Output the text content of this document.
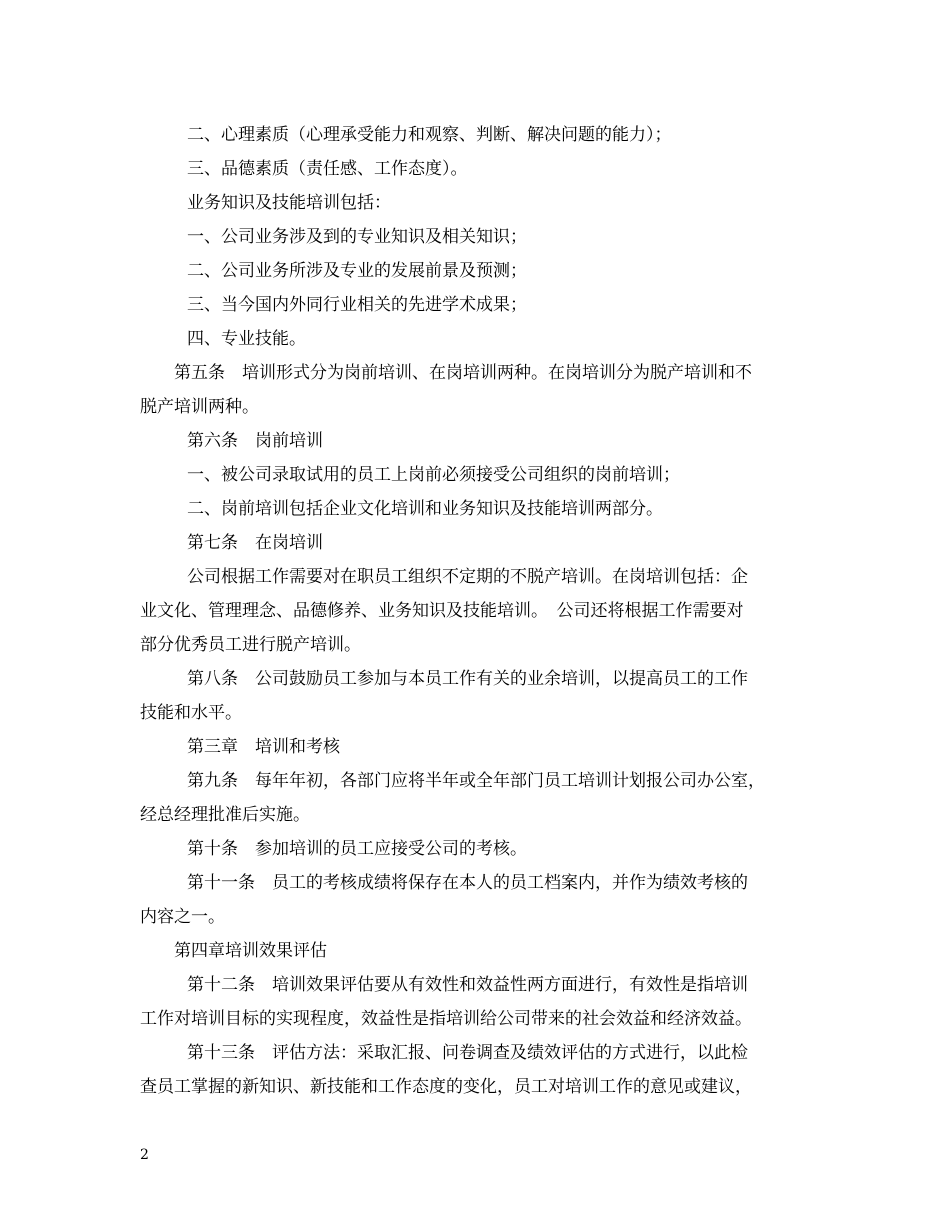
二、心理素质（心理承受能力和观察、判断、解决问题的能力）；
三、品德素质（责任感、工作态度）。
业务知识及技能培训包括：
一、公司业务涉及到的专业知识及相关知识；
二、公司业务所涉及专业的发展前景及预测；
三、当今国内外同行业相关的先进学术成果；
四、专业技能。
第五条　培训形式分为岗前培训、在岗培训两种。在岗培训分为脱产培训和不
脱产培训两种。
第六条　岗前培训
一、被公司录取试用的员工上岗前必须接受公司组织的岗前培训；
二、岗前培训包括企业文化培训和业务知识及技能培训两部分。
第七条　在岗培训
公司根据工作需要对在职员工组织不定期的不脱产培训。在岗培训包括：企
业文化、管理理念、品德修养、业务知识及技能培训。　公司还将根据工作需要对
部分优秀员工进行脱产培训。
第八条　公司鼓励员工参加与本员工作有关的业余培训，以提高员工的工作
技能和水平。
第三章　培训和考核
第九条　每年年初，各部门应将半年或全年部门员工培训计划报公司办公室，
经总经理批准后实施。
第十条　参加培训的员工应接受公司的考核。
第十一条　员工的考核成绩将保存在本人的员工档案内，并作为绩效考核的
内容之一。
第四章培训效果评估
第十二条　培训效果评估要从有效性和效益性两方面进行，有效性是指培训
工作对培训目标的实现程度，效益性是指培训给公司带来的社会效益和经济效益。
第十三条　评估方法：采取汇报、问卷调查及绩效评估的方式进行，以此检
查员工掌握的新知识、新技能和工作态度的变化，员工对培训工作的意见或建议，
2
